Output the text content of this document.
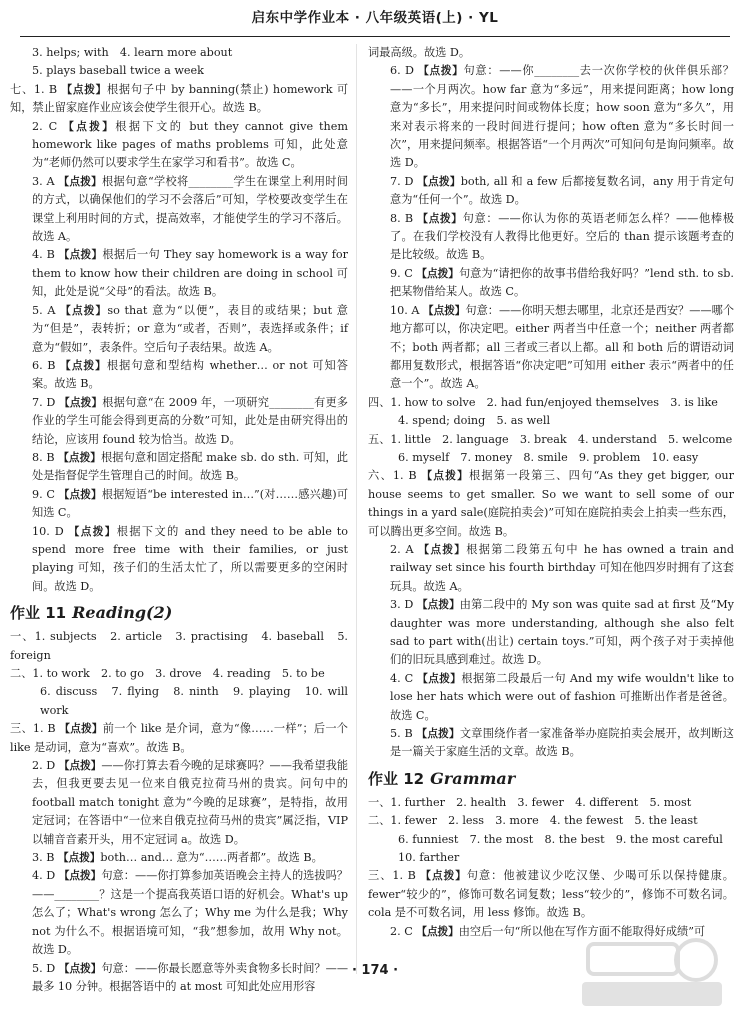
启东中学作业本 · 八年级英语(上) · YL

3. helps; with　4. learn more about

5. plays baseball twice a week

七、1. B 【点拨】根据句子中 by banning(禁止) homework 可知，禁止留家庭作业应该会使学生很开心。故选 B。

2. C 【点拨】根据下文的 but they cannot give them homework like pages of maths problems 可知，此处意为“老师仍然可以要求学生在家学习和看书”。故选 C。

3. A 【点拨】根据句意“学校将________学生在课堂上利用时间的方式，以确保他们的学习不会落后”可知，学校要改变学生在课堂上利用时间的方式，提高效率，才能使学生的学习不落后。故选 A。

4. B 【点拨】根据后一句 They say homework is a way for them to know how their children are doing in school 可知，此处是说“父母”的看法。故选 B。

5. A 【点拨】so that 意为“以便”，表目的或结果；but 意为“但是”，表转折；or 意为“或者，否则”，表选择或条件；if 意为“假如”，表条件。空后句子表结果。故选 A。

6. B 【点拨】根据句意和型结构 whether… or not 可知答案。故选 B。

7. D 【点拨】根据句意“在 2009 年，一项研究________有更多作业的学生可能会得到更高的分数”可知，此处是由研究得出的结论，应该用 found 较为恰当。故选 D。

8. B 【点拨】根据句意和固定搭配 make sb. do sth. 可知，此处是指督促学生管理自己的时间。故选 B。

9. C 【点拨】根据短语“be interested in…”(对……感兴趣)可知选 C。

10. D 【点拨】根据下文的 and they need to be able to spend more free time with their families, or just playing 可知，孩子们的生活太忙了，所以需要更多的空闲时间。故选 D。

作业 11 Reading(2)

一、1. subjects　2. article　3. practising　4. baseball　5. foreign

二、1. to work　2. to go　3. drove　4. reading　5. to be

6. discuss　7. flying　8. ninth　9. playing　10. will work

三、1. B 【点拨】前一个 like 是介词，意为“像……一样”；后一个 like 是动词，意为“喜欢”。故选 B。

2. D 【点拨】——你打算去看今晚的足球赛吗？——我希望我能去，但我更要去见一位来自俄克拉荷马州的贵宾。问句中的 football match tonight 意为“今晚的足球赛”，是特指，故用定冠词；在答语中“一位来自俄克拉荷马州的贵宾”属泛指，VIP 以辅音音素开头，用不定冠词 a。故选 D。

3. B 【点拨】both… and… 意为“……两者都”。故选 B。

4. D 【点拨】句意：——你打算参加英语晚会主持人的选拔吗？——________？这是一个提高我英语口语的好机会。What's up 怎么了；What's wrong 怎么了；Why me 为什么是我；Why not 为什么不。根据语境可知，“我”想参加，故用 Why not。故选 D。

5. D 【点拨】句意：——你最长愿意等外卖食物多长时间？——最多 10 分钟。根据答语中的 at most 可知此处应用形容

词最高级。故选 D。

6. D 【点拨】句意：——你________去一次你学校的伙伴俱乐部？——一个月两次。how far 意为“多远”，用来提问距离；how long 意为“多长”，用来提问时间或物体长度；how soon 意为“多久”，用来对表示将来的一段时间进行提问；how often 意为“多长时间一次”，用来提问频率。根据答语“一个月两次”可知问句是询问频率。故选 D。

7. D 【点拨】both, all 和 a few 后都接复数名词，any 用于肯定句意为“任何一个”。故选 D。

8. B 【点拨】句意：——你认为你的英语老师怎么样？——他棒极了。在我们学校没有人教得比他更好。空后的 than 提示该题考查的是比较级。故选 B。

9. C 【点拨】句意为“请把你的故事书借给我好吗？”lend sth. to sb. 把某物借给某人。故选 C。

10. A 【点拨】句意：——你明天想去哪里，北京还是西安？——哪个地方都可以，你决定吧。either 两者当中任意一个；neither 两者都不；both 两者都；all 三者或三者以上都。all 和 both 后的谓语动词都用复数形式，根据答语“你决定吧”可知用 either 表示“两者中的任意一个”。故选 A。

四、1. how to solve　2. had fun/enjoyed themselves　3. is like

4. spend; doing　5. as well

五、1. little　2. language　3. break　4. understand　5. welcome

6. myself　7. money　8. smile　9. problem　10. easy

六、1. B 【点拨】根据第一段第三、四句“As they get bigger, our house seems to get smaller. So we want to sell some of our things in a yard sale(庭院拍卖会)”可知在庭院拍卖会上拍卖一些东西，可以腾出更多空间。故选 B。

2. A 【点拨】根据第二段第五句中 he has owned a train and railway set since his fourth birthday 可知在他四岁时拥有了这套玩具。故选 A。

3. D 【点拨】由第二段中的 My son was quite sad at first 及“My daughter was more understanding, although she also felt sad to part with(出让) certain toys.”可知，两个孩子对于卖掉他们的旧玩具感到难过。故选 D。

4. C 【点拨】根据第二段最后一句 And my wife wouldn't like to lose her hats which were out of fashion 可推断出作者是爸爸。故选 C。

5. B 【点拨】文章围绕作者一家准备举办庭院拍卖会展开，故判断这是一篇关于家庭生活的文章。故选 B。

作业 12 Grammar

一、1. further　2. health　3. fewer　4. different　5. most

二、1. fewer　2. less　3. more　4. the fewest　5. the least

6. funniest　7. the most　8. the best　9. the most careful

10. farther

三、1. B 【点拨】句意：他被建议少吃汉堡、少喝可乐以保持健康。fewer“较少的”，修饰可数名词复数；less“较少的”，修饰不可数名词。cola 是不可数名词，用 less 修饰。故选 B。

2. C 【点拨】由空后一句“所以他在写作方面不能取得好成绩”可

· 174 ·
